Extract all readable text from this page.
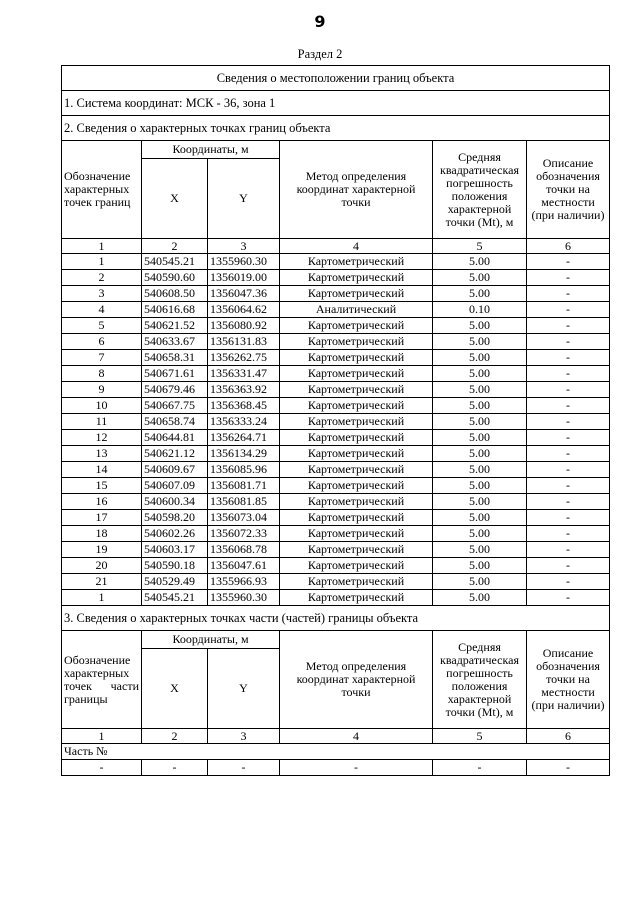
9
Раздел 2
Сведения о местоположении границ объекта					
1. Система координат: МСК - 36, зона 1					
2. Сведения о характерных точках границ объекта					
Обозначение характерных точек границ	Координаты, м		Метод определения координат характерной точки	Средняя квадратическая погрешность положения характерной точки (Mt), м	Описание обозначения точки на местности (при наличии)
	X	Y			
1	2	3	4	5	6
1	540545.21	1355960.30	Картометрический	5.00	-
2	540590.60	1356019.00	Картометрический	5.00	-
3	540608.50	1356047.36	Картометрический	5.00	-
4	540616.68	1356064.62	Аналитический	0.10	-
5	540621.52	1356080.92	Картометрический	5.00	-
6	540633.67	1356131.83	Картометрический	5.00	-
7	540658.31	1356262.75	Картометрический	5.00	-
8	540671.61	1356331.47	Картометрический	5.00	-
9	540679.46	1356363.92	Картометрический	5.00	-
10	540667.75	1356368.45	Картометрический	5.00	-
11	540658.74	1356333.24	Картометрический	5.00	-
12	540644.81	1356264.71	Картометрический	5.00	-
13	540621.12	1356134.29	Картометрический	5.00	-
14	540609.67	1356085.96	Картометрический	5.00	-
15	540607.09	1356081.71	Картометрический	5.00	-
16	540600.34	1356081.85	Картометрический	5.00	-
17	540598.20	1356073.04	Картометрический	5.00	-
18	540602.26	1356072.33	Картометрический	5.00	-
19	540603.17	1356068.78	Картометрический	5.00	-
20	540590.18	1356047.61	Картометрический	5.00	-
21	540529.49	1355966.93	Картометрический	5.00	-
1	540545.21	1355960.30	Картометрический	5.00	-
3. Сведения о характерных точках части (частей) границы объекта					
Обозначение характерных точек части границы	Координаты, м		Метод определения координат характерной точки	Средняя квадратическая погрешность положения характерной точки (Mt), м	Описание обозначения точки на местности (при наличии)
	X	Y			
1	2	3	4	5	6
Часть №					
-	-	-	-	-	-
